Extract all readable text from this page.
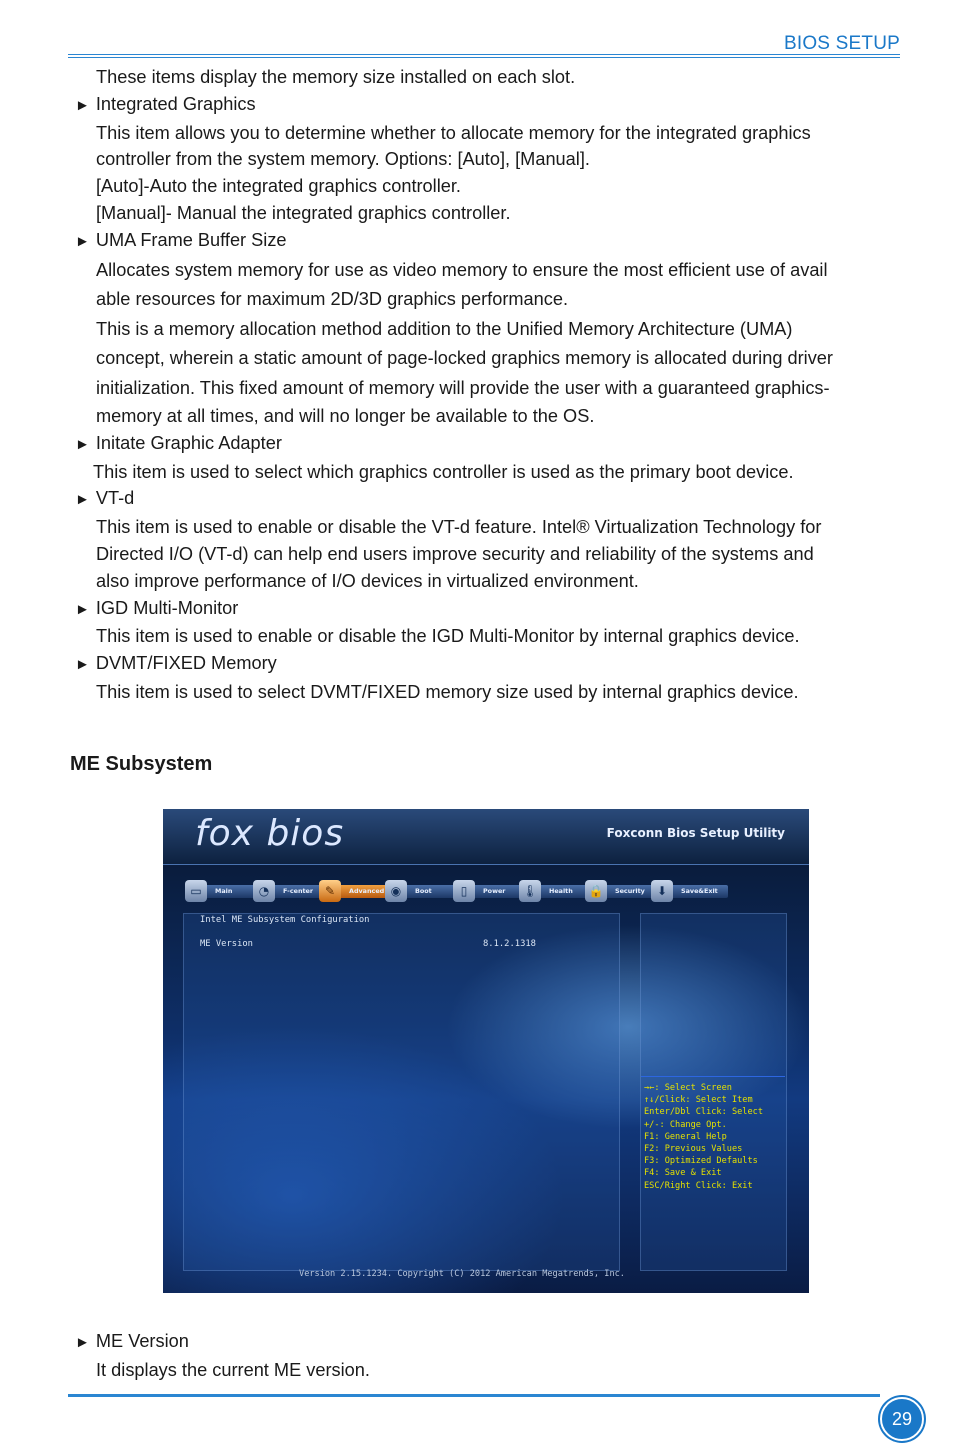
BIOS SETUP

These items display the memory size installed on each slot.

► Integrated Graphics

This item allows you to determine whether to allocate memory for the integrated graphics

controller from the system memory. Options: [Auto], [Manual].

[Auto]-Auto the integrated graphics controller.

[Manual]- Manual the integrated graphics controller.

► UMA Frame Buffer Size

Allocates system memory for use as video memory to ensure the most efficient use of avail

able resources for maximum 2D/3D graphics performance.

This is a memory allocation method addition to the Unified Memory Architecture (UMA)

concept, wherein a static amount of page-locked graphics memory is allocated during driver

initialization. This fixed amount of memory will provide the user with a guaranteed graphics-

memory at all times, and will no longer be available to the OS.

► Initate Graphic Adapter

This item is used to select which graphics controller is used as the primary boot device.

► VT-d

This item is used to enable or disable the VT-d feature. Intel® Virtualization Technology for

Directed I/O (VT-d) can help end users improve security and reliability of the systems and

also improve performance of I/O devices in virtualized environment.

► IGD Multi-Monitor

This item is used to enable or disable the IGD Multi-Monitor by internal graphics device.

► DVMT/FIXED Memory

This item is used to select DVMT/FIXED memory size used by internal graphics device.

ME Subsystem
fox bios	Foxconn Bios Setup Utility
▭	Main	◔	F-center ✎	Advanced ◉	Boot	▯	Power	🌡	Health	🔒	Security	⬇	Save&Exit
Intel ME Subsystem Configuration
ME Version	8.1.2.1318
→←: Select Screen
↑↓/Click: Select Item
Enter/Dbl Click: Select
+/-: Change Opt.
F1: General Help
F2: Previous Values
F3: Optimized Defaults
F4: Save & Exit
ESC/Right Click: Exit
Version 2.15.1234. Copyright (C) 2012 American Megatrends, Inc.

► ME Version

It displays the current ME version.

29
